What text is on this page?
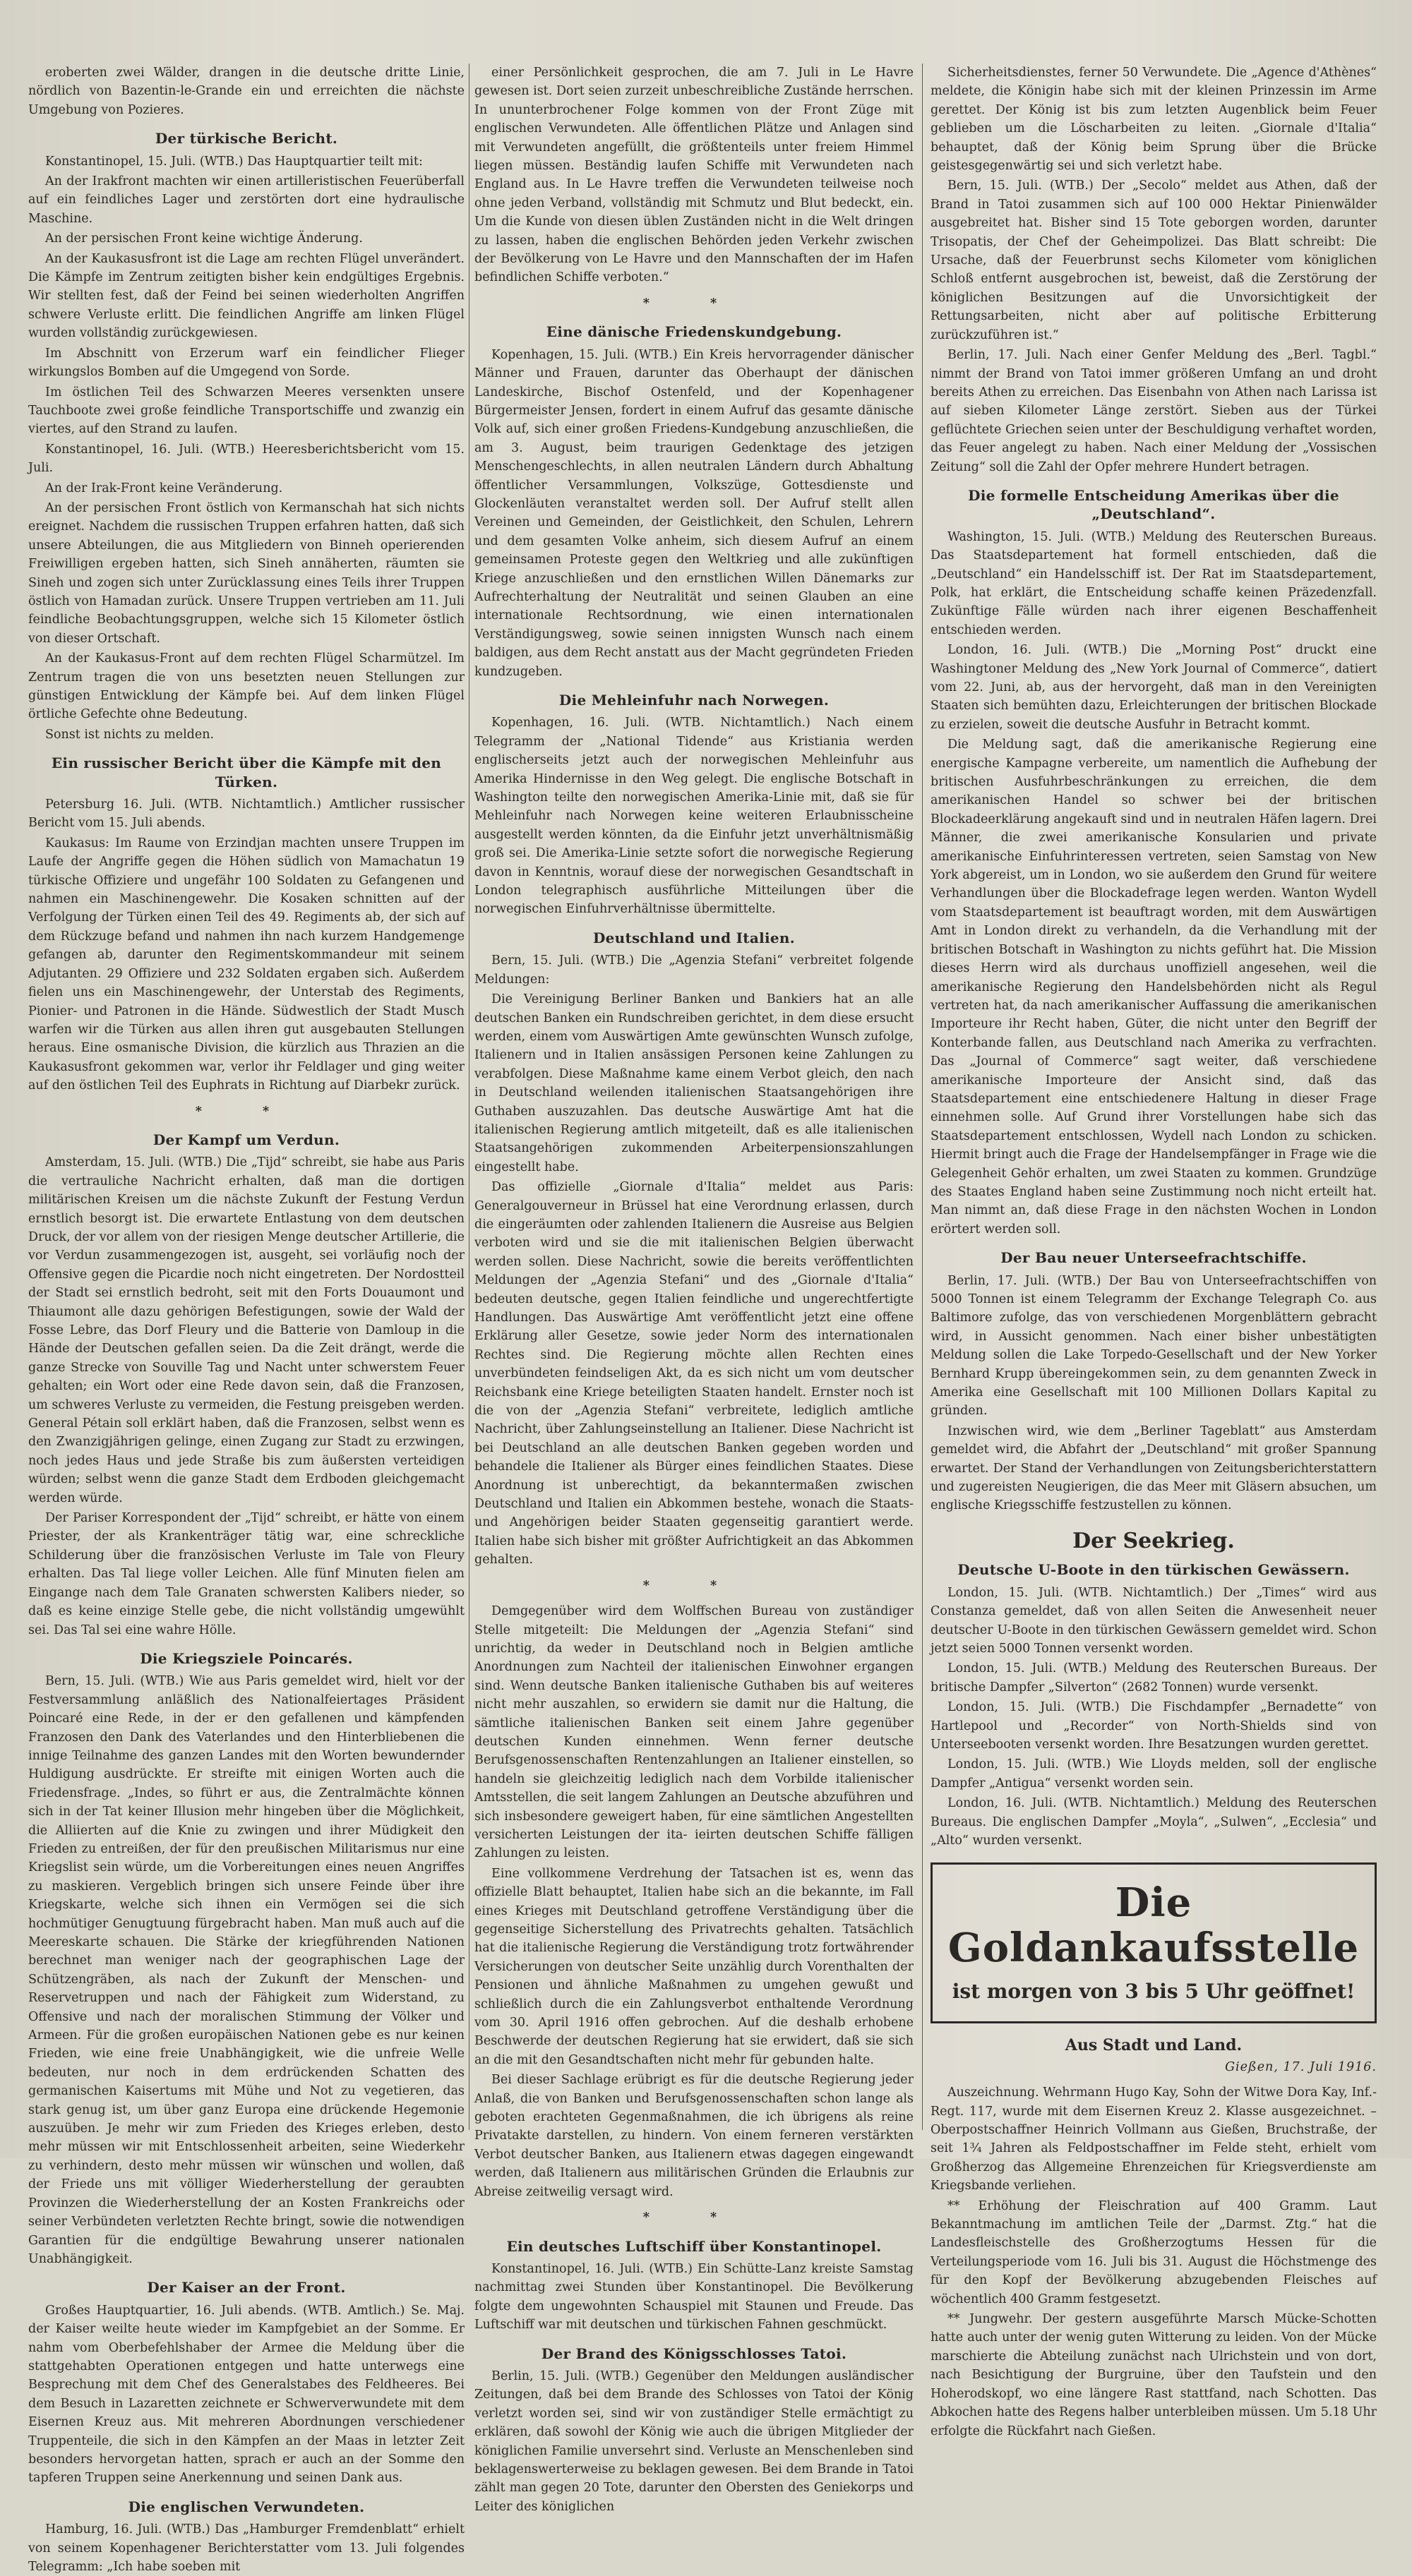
eroberten zwei Wälder, drangen in die deutsche dritte Linie, nördlich von Bazentin-le-Grande ein und erreichten die nächste Umgebung von Pozieres.
Der türkische Bericht.
Konstantinopel, 15. Juli. (WTB.) Das Hauptquartier teilt mit:
An der Irakfront machten wir einen artilleristischen Feuerüberfall auf ein feindliches Lager und zerstörten dort eine hydraulische Maschine.
An der persischen Front keine wichtige Änderung.
An der Kaukasusfront ist die Lage am rechten Flügel unverändert. Die Kämpfe im Zentrum zeitigten bisher kein endgültiges Ergebnis. Wir stellten fest, daß der Feind bei seinen wiederholten Angriffen schwere Verluste erlitt. Die feindlichen Angriffe am linken Flügel wurden vollständig zurückgewiesen.
Im Abschnitt von Erzerum warf ein feindlicher Flieger wirkungslos Bomben auf die Umgegend von Sorde.
Im östlichen Teil des Schwarzen Meeres versenkten unsere Tauchboote zwei große feindliche Transportschiffe und zwanzig ein viertes, auf den Strand zu laufen.
Konstantinopel, 16. Juli. (WTB.) Heeresberichtsbericht vom 15. Juli.
An der Irak-Front keine Veränderung.
An der persischen Front östlich von Kermanschah hat sich nichts ereignet. Nachdem die russischen Truppen erfahren hatten, daß sich unsere Abteilungen, die aus Mitgliedern von Binneh operierenden Freiwilligen ergeben hatten, sich Sineh annäherten, räumten sie Sineh und zogen sich unter Zurücklassung eines Teils ihrer Truppen östlich von Hamadan zurück. Unsere Truppen vertrieben am 11. Juli feindliche Beobachtungsgruppen, welche sich 15 Kilometer östlich von dieser Ortschaft.
An der Kaukasus-Front auf dem rechten Flügel Scharmützel. Im Zentrum tragen die von uns besetzten neuen Stellungen zur günstigen Entwicklung der Kämpfe bei. Auf dem linken Flügel örtliche Gefechte ohne Bedeutung.
Sonst ist nichts zu melden.
Ein russischer Bericht über die Kämpfe mit den Türken.
Petersburg 16. Juli. (WTB. Nichtamtlich.) Amtlicher russischer Bericht vom 15. Juli abends.
Kaukasus: Im Raume von Erzindjan machten unsere Truppen im Laufe der Angriffe gegen die Höhen südlich von Mamachatun 19 türkische Offiziere und ungefähr 100 Soldaten zu Gefangenen und nahmen ein Maschinengewehr. Die Kosaken schnitten auf der Verfolgung der Türken einen Teil des 49. Regiments ab, der sich auf dem Rückzuge befand und nahmen ihn nach kurzem Handgemenge gefangen ab, darunter den Regimentskommandeur mit seinem Adjutanten. 29 Offiziere und 232 Soldaten ergaben sich. Außerdem fielen uns ein Maschinengewehr, der Unterstab des Regiments, Pionier- und Patronen in die Hände. Südwestlich der Stadt Musch warfen wir die Türken aus allen ihren gut ausgebauten Stellungen heraus. Eine osmanische Division, die kürzlich aus Thrazien an die Kaukasusfront gekommen war, verlor ihr Feldlager und ging weiter auf den östlichen Teil des Euphrats in Richtung auf Diarbekr zurück.
* *
Der Kampf um Verdun.
Amsterdam, 15. Juli. (WTB.) Die „Tijd“ schreibt, sie habe aus Paris die vertrauliche Nachricht erhalten, daß man die dortigen militärischen Kreisen um die nächste Zukunft der Festung Verdun ernstlich besorgt ist. Die erwartete Entlastung von dem deutschen Druck, der vor allem von der riesigen Menge deutscher Artillerie, die vor Verdun zusammengezogen ist, ausgeht, sei vorläufig noch der Offensive gegen die Picardie noch nicht eingetreten. Der Nordostteil der Stadt sei ernstlich bedroht, seit mit den Forts Douaumont und Thiaumont alle dazu gehörigen Befestigungen, sowie der Wald der Fosse Lebre, das Dorf Fleury und die Batterie von Damloup in die Hände der Deutschen gefallen seien. Da die Zeit drängt, werde die ganze Strecke von Souville Tag und Nacht unter schwerstem Feuer gehalten; ein Wort oder eine Rede davon sein, daß die Franzosen, um schweres Verluste zu vermeiden, die Festung preisgeben werden. General Pétain soll erklärt haben, daß die Franzosen, selbst wenn es den Zwanzigjährigen gelinge, einen Zugang zur Stadt zu erzwingen, noch jedes Haus und jede Straße bis zum äußersten verteidigen würden; selbst wenn die ganze Stadt dem Erdboden gleichgemacht werden würde.
Der Pariser Korrespondent der „Tijd“ schreibt, er hätte von einem Priester, der als Krankenträger tätig war, eine schreckliche Schilderung über die französischen Verluste im Tale von Fleury erhalten. Das Tal liege voller Leichen. Alle fünf Minuten fielen am Eingange nach dem Tale Granaten schwersten Kalibers nieder, so daß es keine einzige Stelle gebe, die nicht vollständig umgewühlt sei. Das Tal sei eine wahre Hölle.
Die Kriegsziele Poincarés.
Bern, 15. Juli. (WTB.) Wie aus Paris gemeldet wird, hielt vor der Festversammlung anläßlich des Nationalfeiertages Präsident Poincaré eine Rede, in der er den gefallenen und kämpfenden Franzosen den Dank des Vaterlandes und den Hinterbliebenen die innige Teilnahme des ganzen Landes mit den Worten bewundernder Huldigung ausdrückte. Er streifte mit einigen Worten auch die Friedensfrage. „Indes, so führt er aus, die Zentralmächte können sich in der Tat keiner Illusion mehr hingeben über die Möglichkeit, die Alliierten auf die Knie zu zwingen und ihrer Müdigkeit den Frieden zu entreißen, der für den preußischen Militarismus nur eine Kriegslist sein würde, um die Vorbereitungen eines neuen Angriffes zu maskieren. Vergeblich bringen sich unsere Feinde über ihre Kriegskarte, welche sich ihnen ein Vermögen sei die sich hochmütiger Genugtuung fürgebracht haben. Man muß auch auf die Meereskarte schauen. Die Stärke der kriegführenden Nationen berechnet man weniger nach der geographischen Lage der Schützengräben, als nach der Zukunft der Menschen- und Reservetruppen und nach der Fähigkeit zum Widerstand, zu Offensive und nach der moralischen Stimmung der Völker und Armeen. Für die großen europäischen Nationen gebe es nur keinen Frieden, wie eine freie Unabhängigkeit, wie die unfreie Welle bedeuten, nur noch in dem erdrückenden Schatten des germanischen Kaisertums mit Mühe und Not zu vegetieren, das stark genug ist, um über ganz Europa eine drückende Hegemonie auszuüben. Je mehr wir zum Frieden des Krieges erleben, desto mehr müssen wir mit Entschlossenheit arbeiten, seine Wiederkehr zu verhindern, desto mehr müssen wir wünschen und wollen, daß der Friede uns mit völliger Wiederherstellung der geraubten Provinzen die Wiederherstellung der an Kosten Frankreichs oder seiner Verbündeten verletzten Rechte bringt, sowie die notwendigen Garantien für die endgültige Bewahrung unserer nationalen Unabhängigkeit.
Der Kaiser an der Front.
Großes Hauptquartier, 16. Juli abends. (WTB. Amtlich.) Se. Maj. der Kaiser weilte heute wieder im Kampfgebiet an der Somme. Er nahm vom Oberbefehlshaber der Armee die Meldung über die stattgehabten Operationen entgegen und hatte unterwegs eine Besprechung mit dem Chef des Generalstabes des Feldheeres. Bei dem Besuch in Lazaretten zeichnete er Schwerverwundete mit dem Eisernen Kreuz aus. Mit mehreren Abordnungen verschiedener Truppenteile, die sich in den Kämpfen an der Maas in letzter Zeit besonders hervorgetan hatten, sprach er auch an der Somme den tapferen Truppen seine Anerkennung und seinen Dank aus.
Die englischen Verwundeten.
Hamburg, 16. Juli. (WTB.) Das „Hamburger Fremdenblatt“ erhielt von seinem Kopenhagener Berichterstatter vom 13. Juli folgendes Telegramm: „Ich habe soeben mit
einer Persönlichkeit gesprochen, die am 7. Juli in Le Havre gewesen ist. Dort seien zurzeit unbeschreibliche Zustände herrschen. In ununterbrochener Folge kommen von der Front Züge mit englischen Verwundeten. Alle öffentlichen Plätze und Anlagen sind mit Verwundeten angefüllt, die größtenteils unter freiem Himmel liegen müssen. Beständig laufen Schiffe mit Verwundeten nach England aus. In Le Havre treffen die Verwundeten teilweise noch ohne jeden Verband, vollständig mit Schmutz und Blut bedeckt, ein. Um die Kunde von diesen üblen Zuständen nicht in die Welt dringen zu lassen, haben die englischen Behörden jeden Verkehr zwischen der Bevölkerung von Le Havre und den Mannschaften der im Hafen befindlichen Schiffe verboten.“
* *
Eine dänische Friedenskundgebung.
Kopenhagen, 15. Juli. (WTB.) Ein Kreis hervorragender dänischer Männer und Frauen, darunter das Oberhaupt der dänischen Landeskirche, Bischof Ostenfeld, und der Kopenhagener Bürgermeister Jensen, fordert in einem Aufruf das gesamte dänische Volk auf, sich einer großen Friedens-Kundgebung anzuschließen, die am 3. August, beim traurigen Gedenktage des jetzigen Menschengeschlechts, in allen neutralen Ländern durch Abhaltung öffentlicher Versammlungen, Volkszüge, Gottesdienste und Glockenläuten veranstaltet werden soll. Der Aufruf stellt allen Vereinen und Gemeinden, der Geistlichkeit, den Schulen, Lehrern und dem gesamten Volke anheim, sich diesem Aufruf an einem gemeinsamen Proteste gegen den Weltkrieg und alle zukünftigen Kriege anzuschließen und den ernstlichen Willen Dänemarks zur Aufrechterhaltung der Neutralität und seinen Glauben an eine internationale Rechtsordnung, wie einen internationalen Verständigungsweg, sowie seinen innigsten Wunsch nach einem baldigen, aus dem Recht anstatt aus der Macht gegründeten Frieden kundzugeben.
Die Mehleinfuhr nach Norwegen.
Kopenhagen, 16. Juli. (WTB. Nichtamtlich.) Nach einem Telegramm der „National Tidende“ aus Kristiania werden englischerseits jetzt auch der norwegischen Mehleinfuhr aus Amerika Hindernisse in den Weg gelegt. Die englische Botschaft in Washington teilte den norwegischen Amerika-Linie mit, daß sie für Mehleinfuhr nach Norwegen keine weiteren Erlaubnisscheine ausgestellt werden könnten, da die Einfuhr jetzt unverhältnismäßig groß sei. Die Amerika-Linie setzte sofort die norwegische Regierung davon in Kenntnis, worauf diese der norwegischen Gesandtschaft in London telegraphisch ausführliche Mitteilungen über die norwegischen Einfuhrverhältnisse übermittelte.
Deutschland und Italien.
Bern, 15. Juli. (WTB.) Die „Agenzia Stefani“ verbreitet folgende Meldungen:
Die Vereinigung Berliner Banken und Bankiers hat an alle deutschen Banken ein Rundschreiben gerichtet, in dem diese ersucht werden, einem vom Auswärtigen Amte gewünschten Wunsch zufolge, Italienern und in Italien ansässigen Personen keine Zahlungen zu verabfolgen. Diese Maßnahme kame einem Verbot gleich, den nach in Deutschland weilenden italienischen Staatsangehörigen ihre Guthaben auszuzahlen. Das deutsche Auswärtige Amt hat die italienischen Regierung amtlich mitgeteilt, daß es alle italienischen Staatsangehörigen zukommenden Arbeiterpensionszahlungen eingestellt habe.
Das offizielle „Giornale d'Italia“ meldet aus Paris: Generalgouverneur in Brüssel hat eine Verordnung erlassen, durch die eingeräumten oder zahlenden Italienern die Ausreise aus Belgien verboten wird und sie die mit italienischen Belgien überwacht werden sollen. Diese Nachricht, sowie die bereits veröffentlichten Meldungen der „Agenzia Stefani“ und des „Giornale d'Italia“ bedeuten deutsche, gegen Italien feindliche und ungerechtfertigte Handlungen. Das Auswärtige Amt veröffentlicht jetzt eine offene Erklärung aller Gesetze, sowie jeder Norm des internationalen Rechtes sind. Die Regierung möchte allen Rechten eines unverbündeten feindseligen Akt, da es sich nicht um vom deutscher Reichsbank eine Kriege beteiligten Staaten handelt. Ernster noch ist die von der „Agenzia Stefani“ verbreitete, lediglich amtliche Nachricht, über Zahlungseinstellung an Italiener. Diese Nachricht ist bei Deutschland an alle deutschen Banken gegeben worden und behandele die Italiener als Bürger eines feindlichen Staates. Diese Anordnung ist unberechtigt, da bekanntermaßen zwischen Deutschland und Italien ein Abkommen bestehe, wonach die Staats- und Angehörigen beider Staaten gegenseitig garantiert werde. Italien habe sich bisher mit größter Aufrichtigkeit an das Abkommen gehalten.
* *
Demgegenüber wird dem Wolffschen Bureau von zuständiger Stelle mitgeteilt: Die Meldungen der „Agenzia Stefani“ sind unrichtig, da weder in Deutschland noch in Belgien amtliche Anordnungen zum Nachteil der italienischen Einwohner ergangen sind. Wenn deutsche Banken italienische Guthaben bis auf weiteres nicht mehr auszahlen, so erwidern sie damit nur die Haltung, die sämtliche italienischen Banken seit einem Jahre gegenüber deutschen Kunden einnehmen. Wenn ferner deutsche Berufsgenossenschaften Rentenzahlungen an Italiener einstellen, so handeln sie gleichzeitig lediglich nach dem Vorbilde italienischer Amtsstellen, die seit langem Zahlungen an Deutsche abzuführen und sich insbesondere geweigert haben, für eine sämtlichen Angestellten versicherten Leistungen der ita- ieirten deutschen Schiffe fälligen Zahlungen zu leisten.
Eine vollkommene Verdrehung der Tatsachen ist es, wenn das offizielle Blatt behauptet, Italien habe sich an die bekannte, im Fall eines Krieges mit Deutschland getroffene Verständigung über die gegenseitige Sicherstellung des Privatrechts gehalten. Tatsächlich hat die italienische Regierung die Verständigung trotz fortwährender Versicherungen von deutscher Seite unzählig durch Vorenthalten der Pensionen und ähnliche Maßnahmen zu umgehen gewußt und schließlich durch die ein Zahlungsverbot enthaltende Verordnung vom 30. April 1916 offen gebrochen. Auf die deshalb erhobene Beschwerde der deutschen Regierung hat sie erwidert, daß sie sich an die mit den Gesandtschaften nicht mehr für gebunden halte.
Bei dieser Sachlage erübrigt es für die deutsche Regierung jeder Anlaß, die von Banken und Berufsgenossenschaften schon lange als geboten erachteten Gegenmaßnahmen, die ich übrigens als reine Privatakte darstellen, zu hindern. Von einem ferneren verstärkten Verbot deutscher Banken, aus Italienern etwas dagegen eingewandt werden, daß Italienern aus militärischen Gründen die Erlaubnis zur Abreise zeitweilig versagt wird.
* *
Ein deutsches Luftschiff über Konstantinopel.
Konstantinopel, 16. Juli. (WTB.) Ein Schütte-Lanz kreiste Samstag nachmittag zwei Stunden über Konstantinopel. Die Bevölkerung folgte dem ungewohnten Schauspiel mit Staunen und Freude. Das Luftschiff war mit deutschen und türkischen Fahnen geschmückt.
Der Brand des Königsschlosses Tatoi.
Berlin, 15. Juli. (WTB.) Gegenüber den Meldungen ausländischer Zeitungen, daß bei dem Brande des Schlosses von Tatoi der König verletzt worden sei, sind wir von zuständiger Stelle ermächtigt zu erklären, daß sowohl der König wie auch die übrigen Mitglieder der königlichen Familie unversehrt sind. Verluste an Menschenleben sind beklagenswerterweise zu beklagen gewesen. Bei dem Brande in Tatoi zählt man gegen 20 Tote, darunter den Obersten des Geniekorps und Leiter des königlichen
Sicherheitsdienstes, ferner 50 Verwundete. Die „Agence d'Athènes“ meldete, die Königin habe sich mit der kleinen Prinzessin im Arme gerettet. Der König ist bis zum letzten Augenblick beim Feuer geblieben um die Löscharbeiten zu leiten. „Giornale d'Italia“ behauptet, daß der König beim Sprung über die Brücke geistesgegenwärtig sei und sich verletzt habe.
Bern, 15. Juli. (WTB.) Der „Secolo“ meldet aus Athen, daß der Brand in Tatoi zusammen sich auf 100 000 Hektar Pinienwälder ausgebreitet hat. Bisher sind 15 Tote geborgen worden, darunter Trisopatis, der Chef der Geheimpolizei. Das Blatt schreibt: Die Ursache, daß der Feuerbrunst sechs Kilometer vom königlichen Schloß entfernt ausgebrochen ist, beweist, daß die Zerstörung der königlichen Besitzungen auf die Unvorsichtigkeit der Rettungsarbeiten, nicht aber auf politische Erbitterung zurückzuführen ist.“
Berlin, 17. Juli. Nach einer Genfer Meldung des „Berl. Tagbl.“ nimmt der Brand von Tatoi immer größeren Umfang an und droht bereits Athen zu erreichen. Das Eisenbahn von Athen nach Larissa ist auf sieben Kilometer Länge zerstört. Sieben aus der Türkei geflüchtete Griechen seien unter der Beschuldigung verhaftet worden, das Feuer angelegt zu haben. Nach einer Meldung der „Vossischen Zeitung“ soll die Zahl der Opfer mehrere Hundert betragen.
Die formelle Entscheidung Amerikas über die „Deutschland“.
Washington, 15. Juli. (WTB.) Meldung des Reuterschen Bureaus. Das Staatsdepartement hat formell entschieden, daß die „Deutschland“ ein Handelsschiff ist. Der Rat im Staatsdepartement, Polk, hat erklärt, die Entscheidung schaffe keinen Präzedenzfall. Zukünftige Fälle würden nach ihrer eigenen Beschaffenheit entschieden werden.
London, 16. Juli. (WTB.) Die „Morning Post“ druckt eine Washingtoner Meldung des „New York Journal of Commerce“, datiert vom 22. Juni, ab, aus der hervorgeht, daß man in den Vereinigten Staaten sich bemühten dazu, Erleichterungen der britischen Blockade zu erzielen, soweit die deutsche Ausfuhr in Betracht kommt.
Die Meldung sagt, daß die amerikanische Regierung eine energische Kampagne verbereite, um namentlich die Aufhebung der britischen Ausfuhrbeschränkungen zu erreichen, die dem amerikanischen Handel so schwer bei der britischen Blockadeerklärung angekauft sind und in neutralen Häfen lagern. Drei Männer, die zwei amerikanische Konsularien und private amerikanische Einfuhrinteressen vertreten, seien Samstag von New York abgereist, um in London, wo sie außerdem den Grund für weitere Verhandlungen über die Blockadefrage legen werden. Wanton Wydell vom Staatsdepartement ist beauftragt worden, mit dem Auswärtigen Amt in London direkt zu verhandeln, da die Verhandlung mit der britischen Botschaft in Washington zu nichts geführt hat. Die Mission dieses Herrn wird als durchaus unoffiziell angesehen, weil die amerikanische Regierung den Handelsbehörden nicht als Regul vertreten hat, da nach amerikanischer Auffassung die amerikanischen Importeure ihr Recht haben, Güter, die nicht unter den Begriff der Konterbande fallen, aus Deutschland nach Amerika zu verfrachten. Das „Journal of Commerce“ sagt weiter, daß verschiedene amerikanische Importeure der Ansicht sind, daß das Staatsdepartement eine entschiedenere Haltung in dieser Frage einnehmen solle. Auf Grund ihrer Vorstellungen habe sich das Staatsdepartement entschlossen, Wydell nach London zu schicken. Hiermit bringt auch die Frage der Handelsempfänger in Frage wie die Gelegenheit Gehör erhalten, um zwei Staaten zu kommen. Grundzüge des Staates England haben seine Zustimmung noch nicht erteilt hat. Man nimmt an, daß diese Frage in den nächsten Wochen in London erörtert werden soll.
Der Bau neuer Unterseefrachtschiffe.
Berlin, 17. Juli. (WTB.) Der Bau von Unterseefrachtschiffen von 5000 Tonnen ist einem Telegramm der Exchange Telegraph Co. aus Baltimore zufolge, das von verschiedenen Morgenblättern gebracht wird, in Aussicht genommen. Nach einer bisher unbestätigten Meldung sollen die Lake Torpedo-Gesellschaft und der New Yorker Bernhard Krupp übereingekommen sein, zu dem genannten Zweck in Amerika eine Gesellschaft mit 100 Millionen Dollars Kapital zu gründen.
Inzwischen wird, wie dem „Berliner Tageblatt“ aus Amsterdam gemeldet wird, die Abfahrt der „Deutschland“ mit großer Spannung erwartet. Der Stand der Verhandlungen von Zeitungsberichterstattern und zugereisten Neugierigen, die das Meer mit Gläsern absuchen, um englische Kriegsschiffe festzustellen zu können.
Der Seekrieg.
Deutsche U-Boote in den türkischen Gewässern.
London, 15. Juli. (WTB. Nichtamtlich.) Der „Times“ wird aus Constanza gemeldet, daß von allen Seiten die Anwesenheit neuer deutscher U-Boote in den türkischen Gewässern gemeldet wird. Schon jetzt seien 5000 Tonnen versenkt worden.
London, 15. Juli. (WTB.) Meldung des Reuterschen Bureaus. Der britische Dampfer „Silverton“ (2682 Tonnen) wurde versenkt.
London, 15. Juli. (WTB.) Die Fischdampfer „Bernadette“ von Hartlepool und „Recorder“ von North-Shields sind von Unterseebooten versenkt worden. Ihre Besatzungen wurden gerettet.
London, 15. Juli. (WTB.) Wie Lloyds melden, soll der englische Dampfer „Antigua“ versenkt worden sein.
London, 16. Juli. (WTB. Nichtamtlich.) Meldung des Reuterschen Bureaus. Die englischen Dampfer „Moyla“, „Sulwen“, „Ecclesia“ und „Alto“ wurden versenkt.
Die Goldankaufsstelle
ist morgen von 3 bis 5 Uhr geöffnet!
Aus Stadt und Land.
Gießen, 17. Juli 1916.
Auszeichnung. Wehrmann Hugo Kay, Sohn der Witwe Dora Kay, Inf.-Regt. 117, wurde mit dem Eisernen Kreuz 2. Klasse ausgezeichnet. – Oberpostschaffner Heinrich Vollmann aus Gießen, Bruchstraße, der seit 1¾ Jahren als Feldpostschaffner im Felde steht, erhielt vom Großherzog das Allgemeine Ehrenzeichen für Kriegsverdienste am Kriegsbande verliehen.
** Erhöhung der Fleischration auf 400 Gramm. Laut Bekanntmachung im amtlichen Teile der „Darmst. Ztg.“ hat die Landesfleischstelle des Großherzogtums Hessen für die Verteilungsperiode vom 16. Juli bis 31. August die Höchstmenge des für den Kopf der Bevölkerung abzugebenden Fleisches auf wöchentlich 400 Gramm festgesetzt.
** Jungwehr. Der gestern ausgeführte Marsch Mücke-Schotten hatte auch unter der wenig guten Witterung zu leiden. Von der Mücke marschierte die Abteilung zunächst nach Ulrichstein und von dort, nach Besichtigung der Burgruine, über den Taufstein und den Hoherodskopf, wo eine längere Rast stattfand, nach Schotten. Das Abkochen hatte des Regens halber unterbleiben müssen. Um 5.18 Uhr erfolgte die Rückfahrt nach Gießen.
